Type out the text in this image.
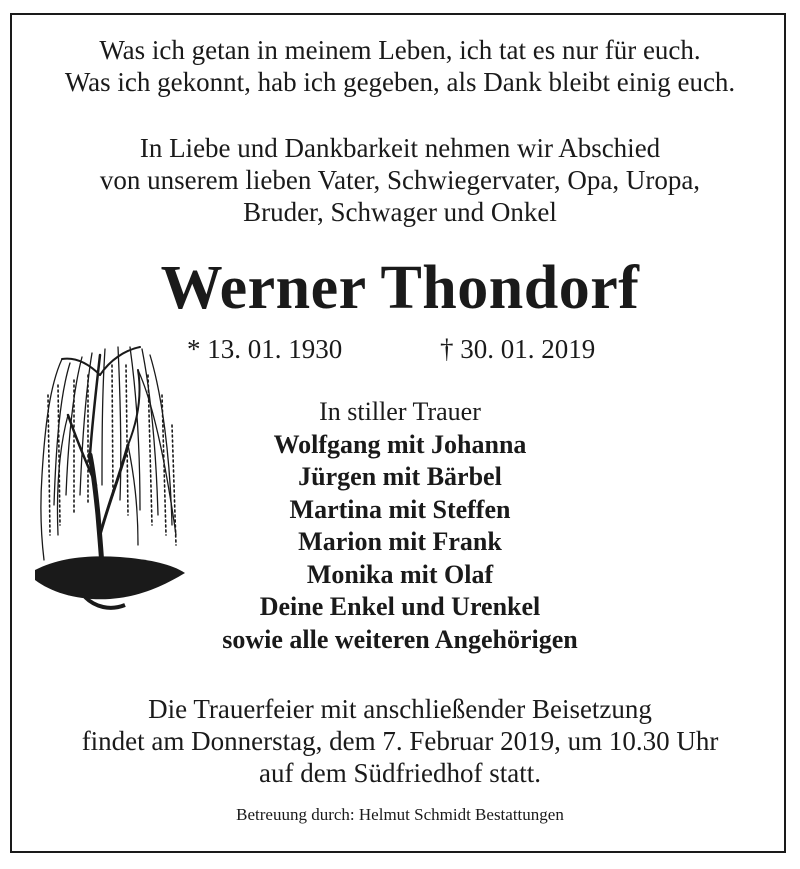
Was ich getan in meinem Leben, ich tat es nur für euch.
Was ich gekonnt, hab ich gegeben, als Dank bleibt einig euch.
In Liebe und Dankbarkeit nehmen wir Abschied
von unserem lieben Vater, Schwiegervater, Opa, Uropa,
Bruder, Schwager und Onkel
Werner Thondorf
* 13. 01. 1930	† 30. 01. 2019
In stiller Trauer
Wolfgang mit Johanna
Jürgen mit Bärbel
Martina mit Steffen
Marion mit Frank
Monika mit Olaf
Deine Enkel und Urenkel
sowie alle weiteren Angehörigen
Die Trauerfeier mit anschließender Beisetzung
findet am Donnerstag, dem 7. Februar 2019, um 10.30 Uhr
auf dem Südfriedhof statt.
Betreuung durch: Helmut Schmidt Bestattungen
